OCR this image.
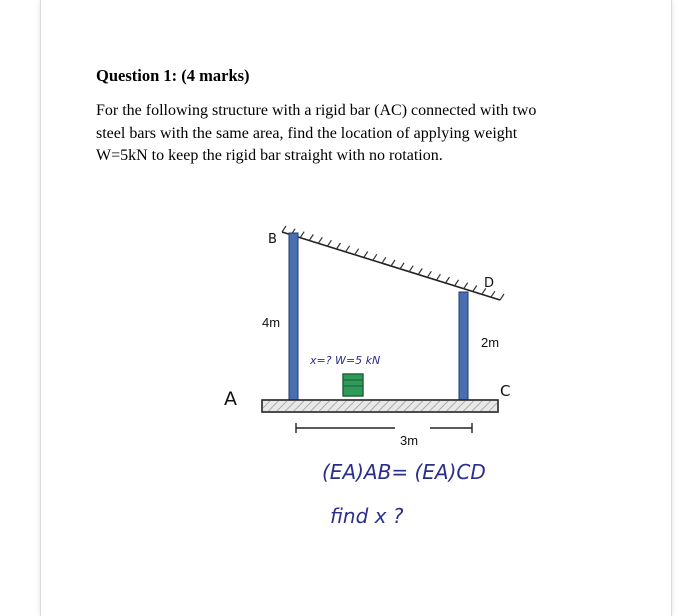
Question 1: (4 marks)
For the following structure with a rigid bar (AC) connected with two
steel bars with the same area, find the location of applying weight
W=5kN to keep the rigid bar straight with no rotation.
B
D
A	C
4m
2m
3m
x=? W=5 kN
(EA)AB= (EA)CD
find x ?
